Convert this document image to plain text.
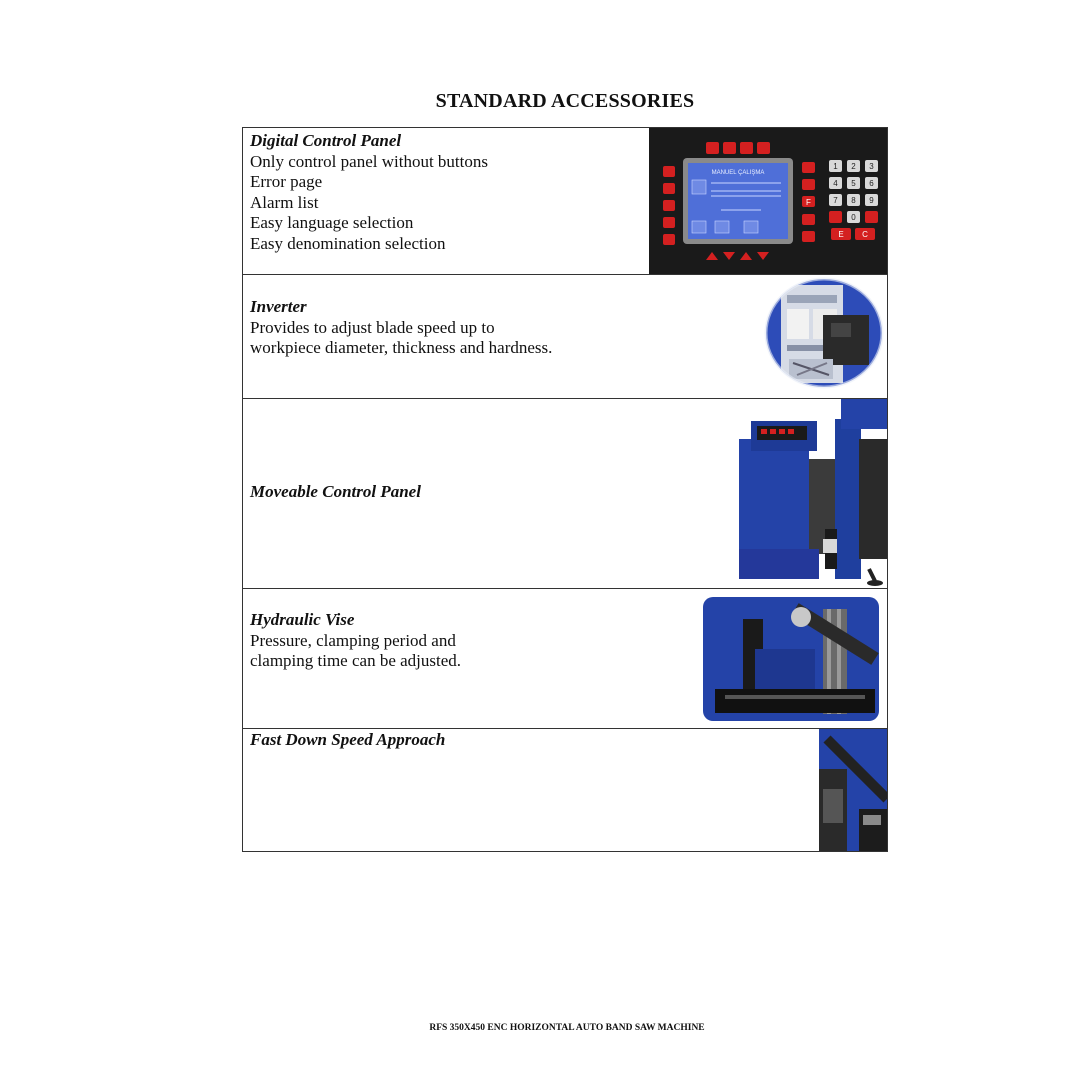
STANDARD ACCESSORIES
Digital Control Panel
Only control panel without buttons
Error page
Alarm list
Easy language selection
Easy denomination selection
MANUEL ÇALIŞMA
1 2 3
4 5 6
7 8 9
0
F
E C
Inverter
Provides to adjust blade speed up to
workpiece diameter, thickness and hardness.
Moveable Control Panel
Hydraulic Vise
Pressure, clamping period and
clamping time can be adjusted.
Fast Down Speed Approach
RFS 350X450 ENC HORIZONTAL AUTO BAND SAW MACHINE
